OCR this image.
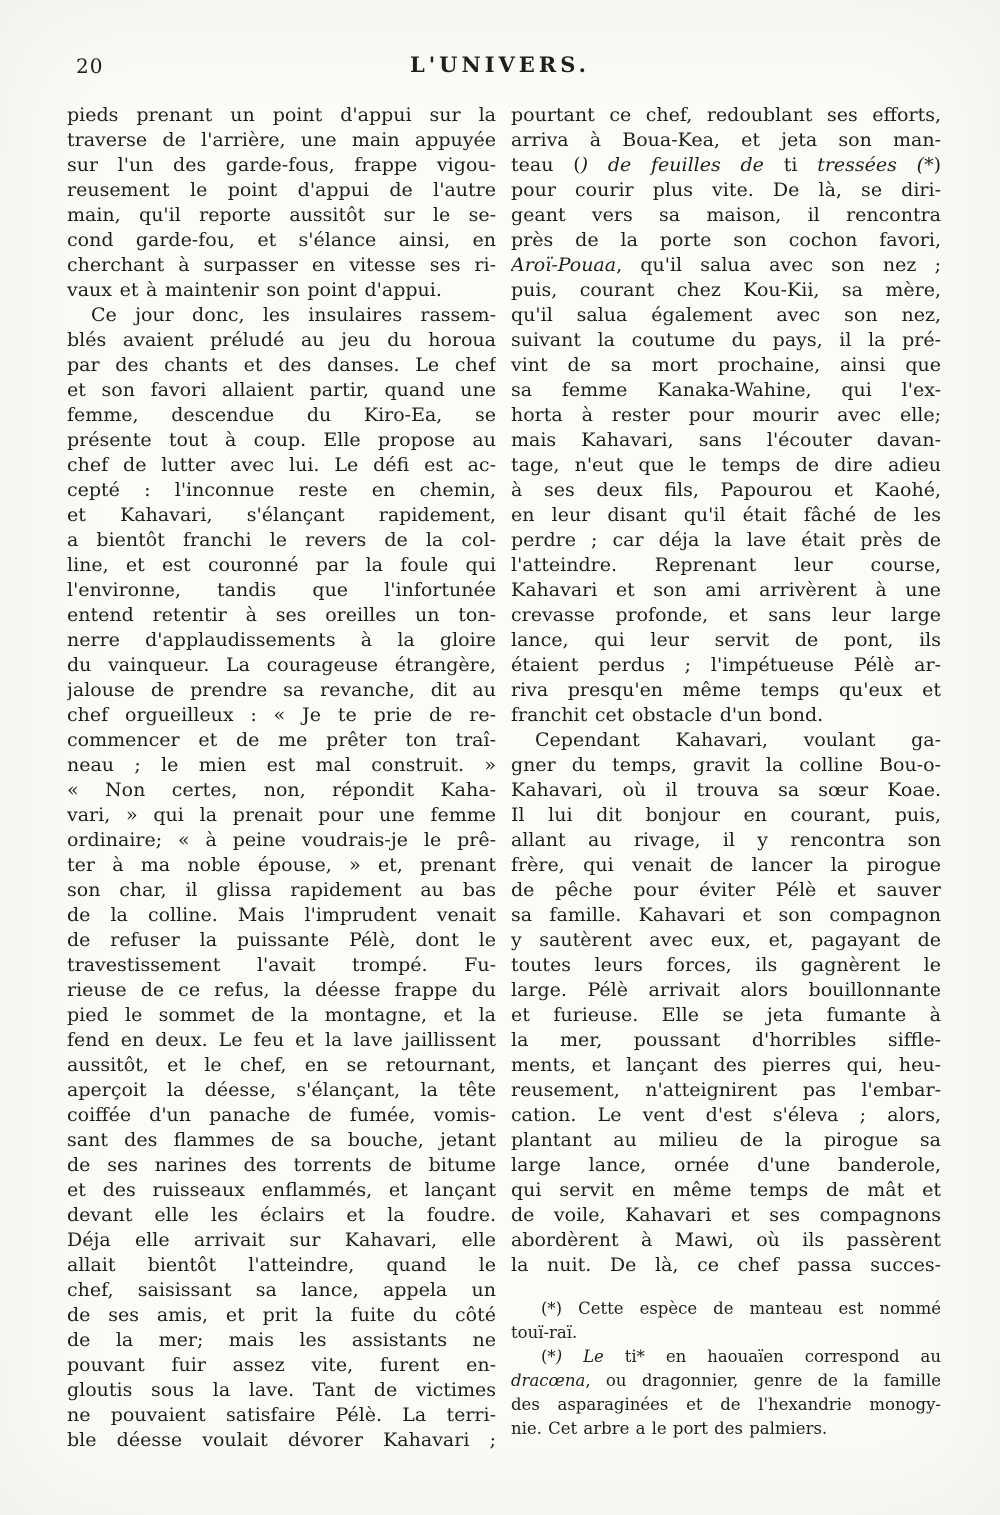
20	L'UNIVERS.
pieds prenant un point d'appui sur la
traverse de l'arrière, une main appuyée
sur l'un des garde-fous, frappe vigou-
reusement le point d'appui de l'autre
main, qu'il reporte aussitôt sur le se-
cond garde-fou, et s'élance ainsi, en
cherchant à surpasser en vitesse ses ri-
vaux et à maintenir son point d'appui.
Ce jour donc, les insulaires rassem-
blés avaient préludé au jeu du horoua
par des chants et des danses. Le chef
et son favori allaient partir, quand une
femme, descendue du Kiro-Ea, se
présente tout à coup. Elle propose au
chef de lutter avec lui. Le défi est ac-
cepté : l'inconnue reste en chemin,
et Kahavari, s'élançant rapidement,
a bientôt franchi le revers de la col-
line, et est couronné par la foule qui
l'environne, tandis que l'infortunée
entend retentir à ses oreilles un ton-
nerre d'applaudissements à la gloire
du vainqueur. La courageuse étrangère,
jalouse de prendre sa revanche, dit au
chef orgueilleux : « Je te prie de re-
commencer et de me prêter ton traî-
neau ; le mien est mal construit. »
« Non certes, non, répondit Kaha-
vari, » qui la prenait pour une femme
ordinaire; « à peine voudrais-je le prê-
ter à ma noble épouse, » et, prenant
son char, il glissa rapidement au bas
de la colline. Mais l'imprudent venait
de refuser la puissante Pélè, dont le
travestissement l'avait trompé. Fu-
rieuse de ce refus, la déesse frappe du
pied le sommet de la montagne, et la
fend en deux. Le feu et la lave jaillissent
aussitôt, et le chef, en se retournant,
aperçoit la déesse, s'élançant, la tête
coiffée d'un panache de fumée, vomis-
sant des flammes de sa bouche, jetant
de ses narines des torrents de bitume
et des ruisseaux enflammés, et lançant
devant elle les éclairs et la foudre.
Déja elle arrivait sur Kahavari, elle
allait bientôt l'atteindre, quand le
chef, saisissant sa lance, appela un
de ses amis, et prit la fuite du côté
de la mer; mais les assistants ne
pouvant fuir assez vite, furent en-
gloutis sous la lave. Tant de victimes
ne pouvaient satisfaire Pélè. La terri-
ble déesse voulait dévorer Kahavari ;
pourtant ce chef, redoublant ses efforts,
arriva à Boua-Kea, et jeta son man-
teau () de feuilles de ti tressées (*)
pour courir plus vite. De là, se diri-
geant vers sa maison, il rencontra
près de la porte son cochon favori,
Aroï-Pouaa, qu'il salua avec son nez ;
puis, courant chez Kou-Kii, sa mère,
qu'il salua également avec son nez,
suivant la coutume du pays, il la pré-
vint de sa mort prochaine, ainsi que
sa femme Kanaka-Wahine, qui l'ex-
horta à rester pour mourir avec elle;
mais Kahavari, sans l'écouter davan-
tage, n'eut que le temps de dire adieu
à ses deux fils, Papourou et Kaohé,
en leur disant qu'il était fâché de les
perdre ; car déja la lave était près de
l'atteindre. Reprenant leur course,
Kahavari et son ami arrivèrent à une
crevasse profonde, et sans leur large
lance, qui leur servit de pont, ils
étaient perdus ; l'impétueuse Pélè ar-
riva presqu'en même temps qu'eux et
franchit cet obstacle d'un bond.
Cependant Kahavari, voulant ga-
gner du temps, gravit la colline Bou-o-
Kahavari, où il trouva sa sœur Koae.
Il lui dit bonjour en courant, puis,
allant au rivage, il y rencontra son
frère, qui venait de lancer la pirogue
de pêche pour éviter Pélè et sauver
sa famille. Kahavari et son compagnon
y sautèrent avec eux, et, pagayant de
toutes leurs forces, ils gagnèrent le
large. Pélè arrivait alors bouillonnante
et furieuse. Elle se jeta fumante à
la mer, poussant d'horribles siffle-
ments, et lançant des pierres qui, heu-
reusement, n'atteignirent pas l'embar-
cation. Le vent d'est s'éleva ; alors,
plantant au milieu de la pirogue sa
large lance, ornée d'une banderole,
qui servit en même temps de mât et
de voile, Kahavari et ses compagnons
abordèrent à Mawi, où ils passèrent
la nuit. De là, ce chef passa succes-
(*) Cette espèce de manteau est nommé
touï-raï.
(*) Le ti* en haouaïen correspond au
dracœna, ou dragonnier, genre de la famille
des asparaginées et de l'hexandrie monogy-
nie. Cet arbre a le port des palmiers.
